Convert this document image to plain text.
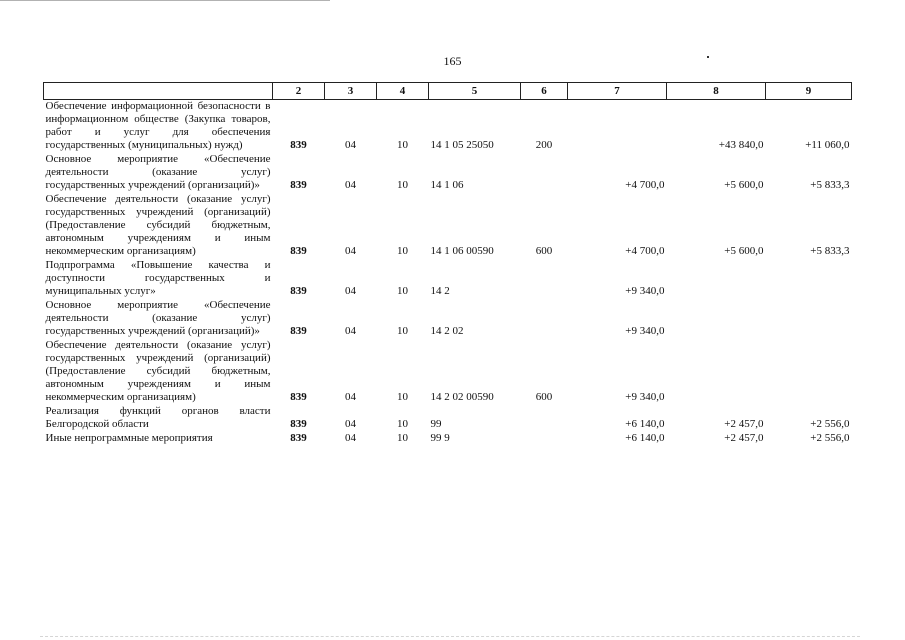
165
	2	3	4	5	6	7	8	9
Обеспечение информационной безопасности в информационном обществе (Закупка товаров, работ и услуг для обеспечения государственных (муниципальных) нужд)	839	04	10	14 1 05 25050	200		+43 840,0	+11 060,0
Основное мероприятие «Обеспечение деятельности (оказание услуг) государственных учреждений (организаций)»	839	04	10	14 1 06		+4 700,0	+5 600,0	+5 833,3
Обеспечение деятельности (оказание услуг) государственных учреждений (организаций) (Предоставление субсидий бюджетным, автономным учреждениям и иным некоммерческим организациям)	839	04	10	14 1 06 00590	600	+4 700,0	+5 600,0	+5 833,3
Подпрограмма «Повышение качества и доступности государственных и муниципальных услуг»	839	04	10	14 2		+9 340,0		
Основное мероприятие «Обеспечение деятельности (оказание услуг) государственных учреждений (организаций)»	839	04	10	14 2 02		+9 340,0		
Обеспечение деятельности (оказание услуг) государственных учреждений (организаций) (Предоставление субсидий бюджетным, автономным учреждениям и иным некоммерческим организациям)	839	04	10	14 2 02 00590	600	+9 340,0		
Реализация функций органов власти Белгородской области	839	04	10	99		+6 140,0	+2 457,0	+2 556,0
Иные непрограммные мероприятия	839	04	10	99 9		+6 140,0	+2 457,0	+2 556,0
